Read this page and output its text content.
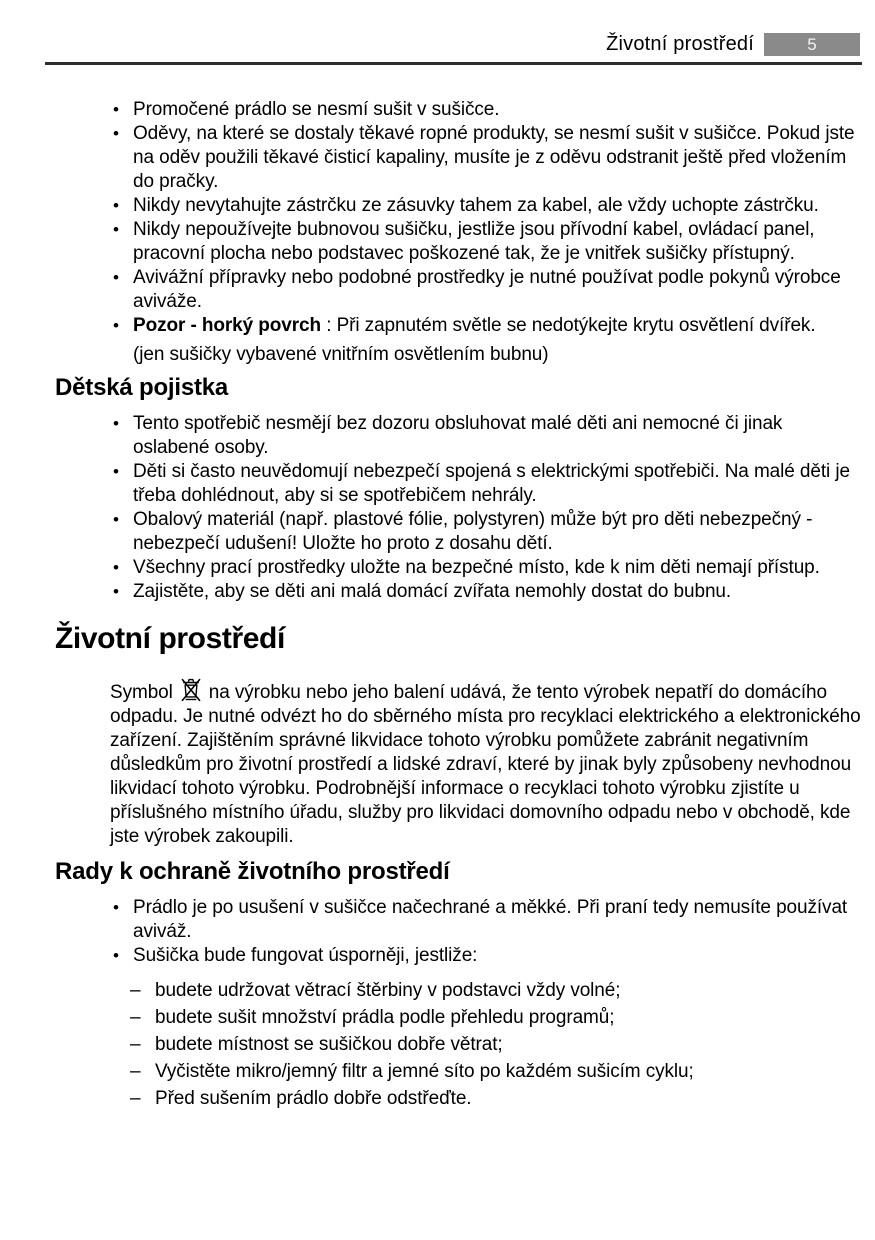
Životní prostředí	5
•
Promočené prádlo se nesmí sušit v sušičce.
•
Oděvy, na které se dostaly těkavé ropné produkty, se nesmí sušit v sušičce. Pokud jste na oděv použili těkavé čisticí kapaliny, musíte je z oděvu odstranit ještě před vložením do pračky.
•
Nikdy nevytahujte zástrčku ze zásuvky tahem za kabel, ale vždy uchopte zástrčku.
•
Nikdy nepoužívejte bubnovou sušičku, jestliže jsou přívodní kabel, ovládací panel, pracovní plocha nebo podstavec poškozené tak, že je vnitřek sušičky přístupný.
•
Avivážní přípravky nebo podobné prostředky je nutné používat podle pokynů výrobce aviváže.
•
Pozor - horký povrch : Při zapnutém světle se nedotýkejte krytu osvětlení dvířek.

(jen sušičky vybavené vnitřním osvětlením bubnu)

Dětská pojistka
•
Tento spotřebič nesmějí bez dozoru obsluhovat malé děti ani nemocné či jinak oslabené osoby.
•
Děti si často neuvědomují nebezpečí spojená s elektrickými spotřebiči. Na malé děti je třeba dohlédnout, aby si se spotřebičem nehrály.
•
Obalový materiál (např. plastové fólie, polystyren) může být pro děti nebezpečný - nebezpečí udušení! Uložte ho proto z dosahu dětí.
•
Všechny prací prostředky uložte na bezpečné místo, kde k nim děti nemají přístup.
•
Zajistěte, aby se děti ani malá domácí zvířata nemohly dostat do bubnu.
Životní prostředí

Symbol na výrobku nebo jeho balení udává, že tento výrobek nepatří do domácího odpadu. Je nutné odvézt ho do sběrného místa pro recyklaci elektrického a elektronického zařízení. Zajištěním správné likvidace tohoto výrobku pomůžete zabránit negativním důsledkům pro životní prostředí a lidské zdraví, které by jinak byly způsobeny nevhodnou likvidací tohoto výrobku. Podrobnější informace o recyklaci tohoto výrobku zjistíte u příslušného místního úřadu, služby pro likvidaci domovního odpadu nebo v obchodě, kde jste výrobek zakoupili.

Rady k ochraně životního prostředí
•
Prádlo je po usušení v sušičce načechrané a měkké. Při praní tedy nemusíte používat aviváž.
•
Sušička bude fungovat úsporněji, jestliže:
–
budete udržovat větrací štěrbiny v podstavci vždy volné;
–
budete sušit množství prádla podle přehledu programů;
–
budete místnost se sušičkou dobře větrat;
–
Vyčistěte mikro/jemný filtr a jemné síto po každém sušicím cyklu;
–
Před sušením prádlo dobře odstřeďte.
